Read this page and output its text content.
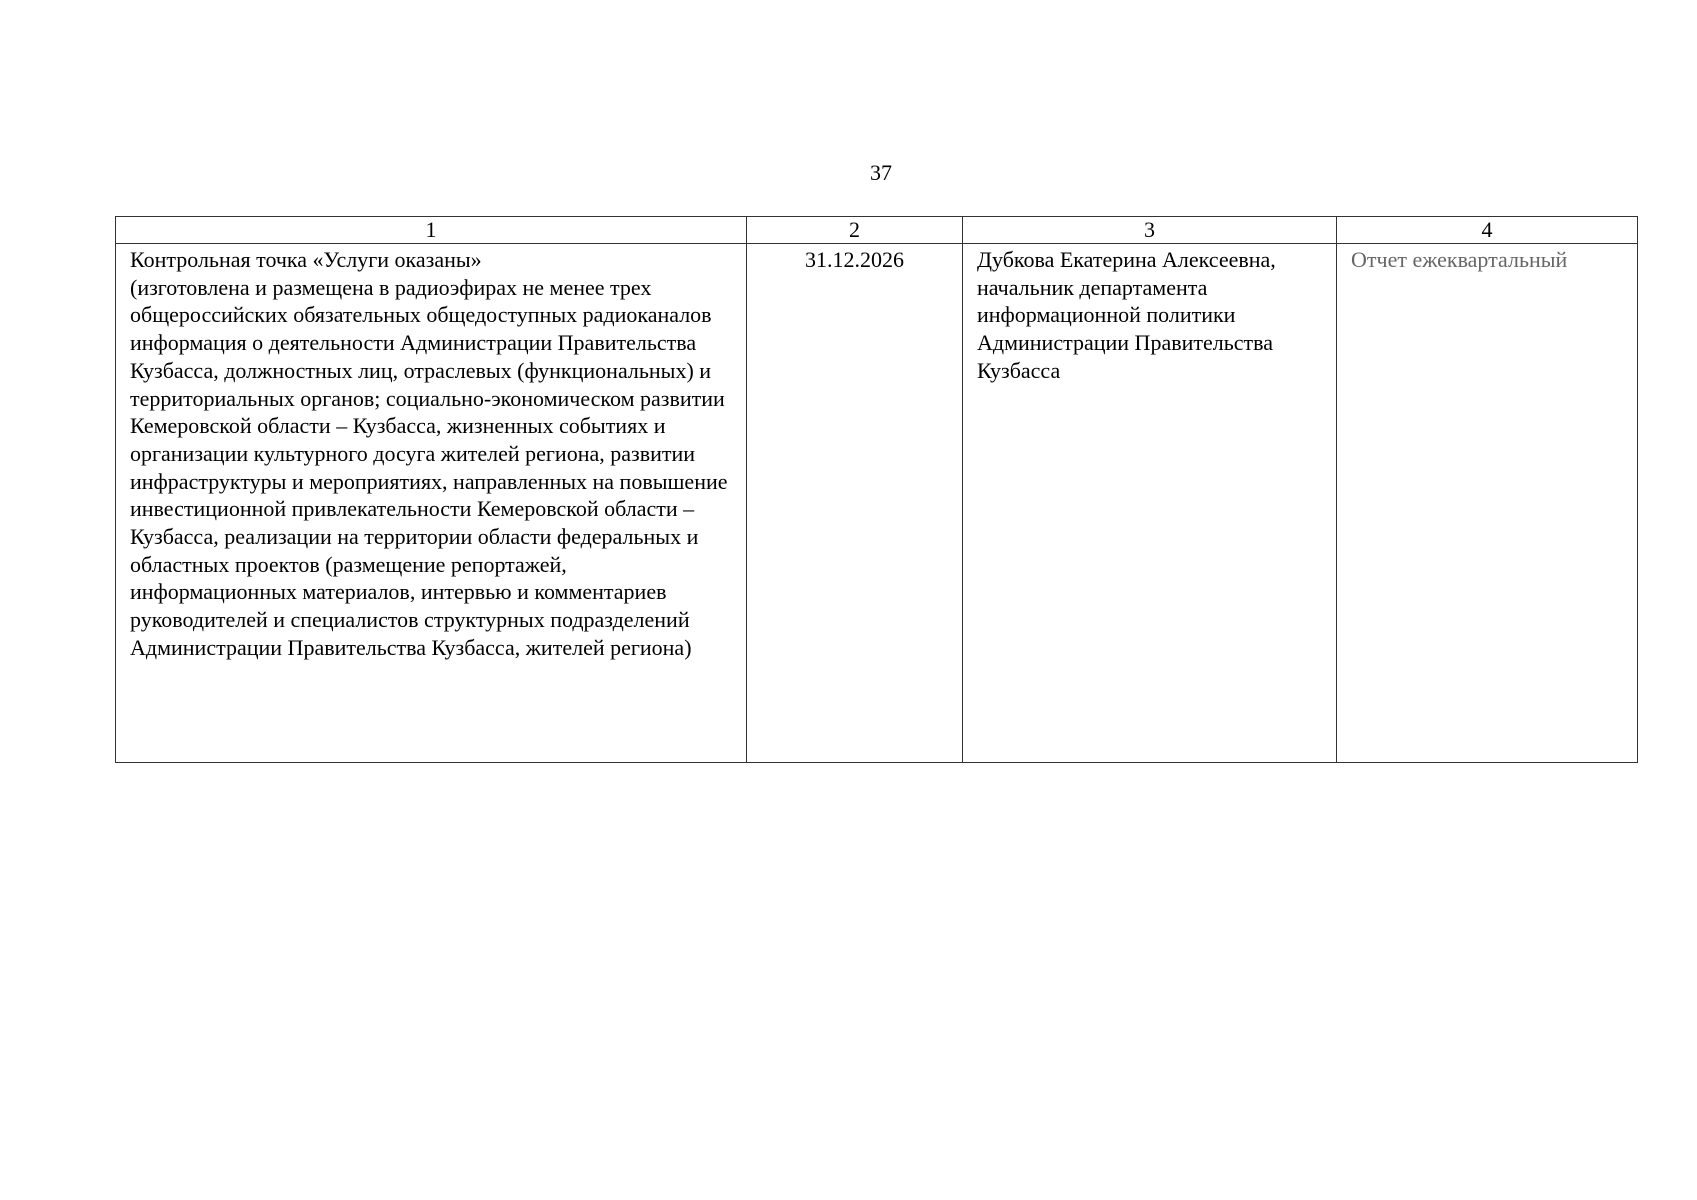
37
1	2	3	4

Контрольная точка «Услуги оказаны»
(изготовлена и размещена в радиоэфирах не менее трех общероссийских обязательных общедоступных радиоканалов информация о деятельности Администрации Правительства Кузбасса, должностных лиц, отраслевых (функциональных) и территориальных органов; социально-экономическом развитии Кемеровской области – Кузбасса, жизненных событиях и организации культурного досуга жителей региона, развитии инфраструктуры и мероприятиях, направленных на повышение инвестиционной привлекательности Кемеровской области – Кузбасса, реализации на территории области федеральных и областных проектов (размещение репортажей, информационных материалов, интервью и комментариев руководителей и специалистов структурных подразделений Администрации Правительства Кузбасса, жителей региона)	31.12.2026	Дубкова Екатерина Алексеевна, начальник департамента информационной политики Администрации Правительства Кузбасса	Отчет ежеквартальный
